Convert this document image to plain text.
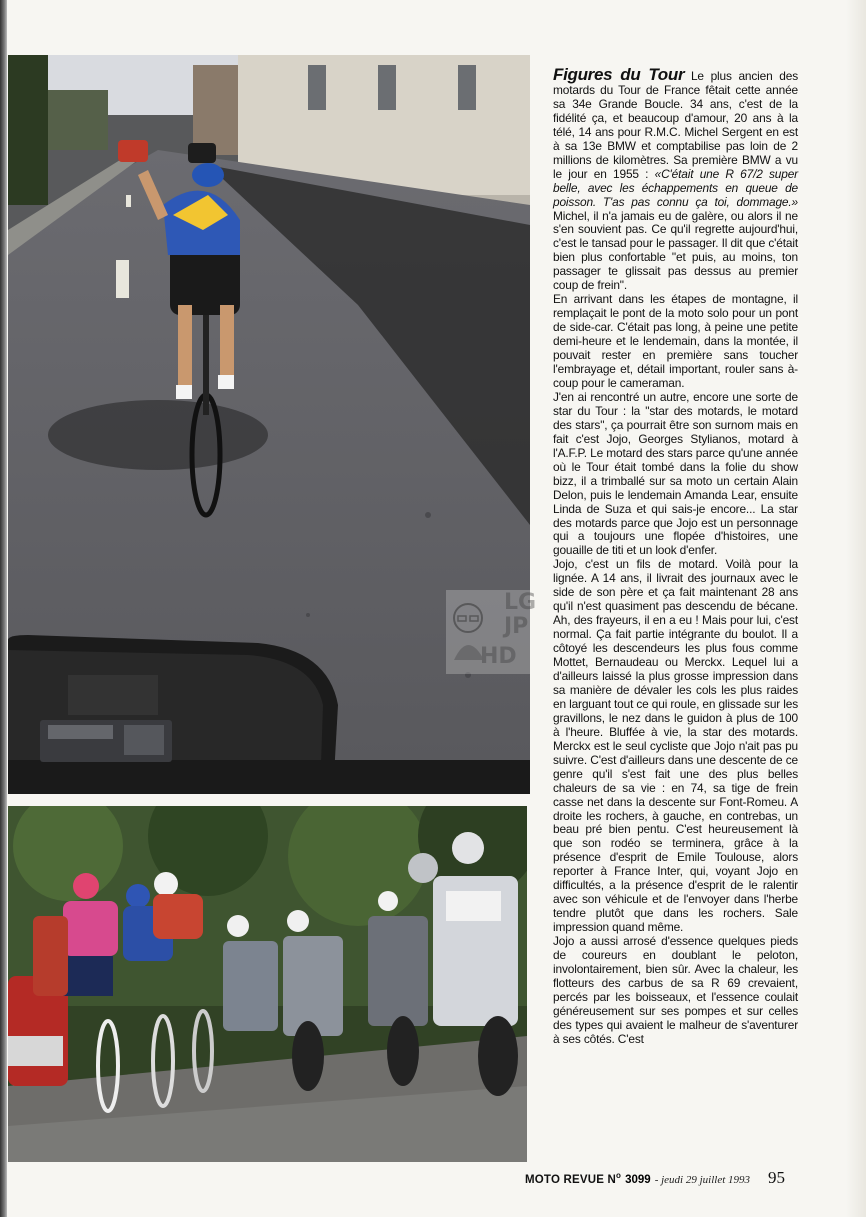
LG
JP
HD

Figures du Tour Le plus ancien des motards du Tour de France fêtait cette année sa 34e Grande Boucle. 34 ans, c'est de la fidélité ça, et beaucoup d'amour, 20 ans à la télé, 14 ans pour R.M.C. Michel Sergent en est à sa 13e BMW et comptabilise pas loin de 2 millions de kilomètres. Sa première BMW a vu le jour en 1955 : «C'était une R 67/2 super belle, avec les échappements en queue de poisson. T'as pas connu ça toi, dommage.» Michel, il n'a jamais eu de galère, ou alors il ne s'en souvient pas. Ce qu'il regrette aujourd'hui, c'est le tansad pour le passager. Il dit que c'était bien plus confortable "et puis, au moins, ton passager te glissait pas dessus au premier coup de frein".

En arrivant dans les étapes de montagne, il remplaçait le pont de la moto solo pour un pont de side-car. C'était pas long, à peine une petite demi-heure et le lendemain, dans la montée, il pouvait rester en première sans toucher l'embrayage et, détail important, rouler sans à-coup pour le cameraman.

J'en ai rencontré un autre, encore une sorte de star du Tour : la "star des motards, le motard des stars", ça pourrait être son surnom mais en fait c'est Jojo, Georges Stylianos, motard à l'A.F.P. Le motard des stars parce qu'une année où le Tour était tombé dans la folie du show bizz, il a trimballé sur sa moto un certain Alain Delon, puis le lendemain Amanda Lear, ensuite Linda de Suza et qui sais-je encore... La star des motards parce que Jojo est un personnage qui a toujours une flopée d'histoires, une gouaille de titi et un look d'enfer.

Jojo, c'est un fils de motard. Voilà pour la lignée. A 14 ans, il livrait des journaux avec le side de son père et ça fait maintenant 28 ans qu'il n'est quasiment pas descendu de bécane. Ah, des frayeurs, il en a eu ! Mais pour lui, c'est normal. Ça fait partie intégrante du boulot. Il a côtoyé les descendeurs les plus fous comme Mottet, Bernaudeau ou Merckx. Lequel lui a d'ailleurs laissé la plus grosse impression dans sa manière de dévaler les cols les plus raides en larguant tout ce qui roule, en glissade sur les gravillons, le nez dans le guidon à plus de 100 à l'heure. Bluffée à vie, la star des motards. Merckx est le seul cycliste que Jojo n'ait pas pu suivre. C'est d'ailleurs dans une descente de ce genre qu'il s'est fait une des plus belles chaleurs de sa vie : en 74, sa tige de frein casse net dans la descente sur Font-Romeu. A droite les rochers, à gauche, en contrebas, un beau pré bien pentu. C'est heureusement là que son rodéo se terminera, grâce à la présence d'esprit de Emile Toulouse, alors reporter à France Inter, qui, voyant Jojo en difficultés, a la présence d'esprit de le ralentir avec son véhicule et de l'envoyer dans l'herbe tendre plutôt que dans les rochers. Sale impression quand même.

Jojo a aussi arrosé d'essence quelques pieds de coureurs en doublant le peloton, involontairement, bien sûr. Avec la chaleur, les flotteurs des carbus de sa R 69 crevaient, percés par les boisseaux, et l'essence coulait généreusement sur ses pompes et sur celles des types qui avaient le malheur de s'aventurer à ses côtés. C'est

MOTO REVUE $N^o$ 3099 - jeudi 29 juillet 1993 95
